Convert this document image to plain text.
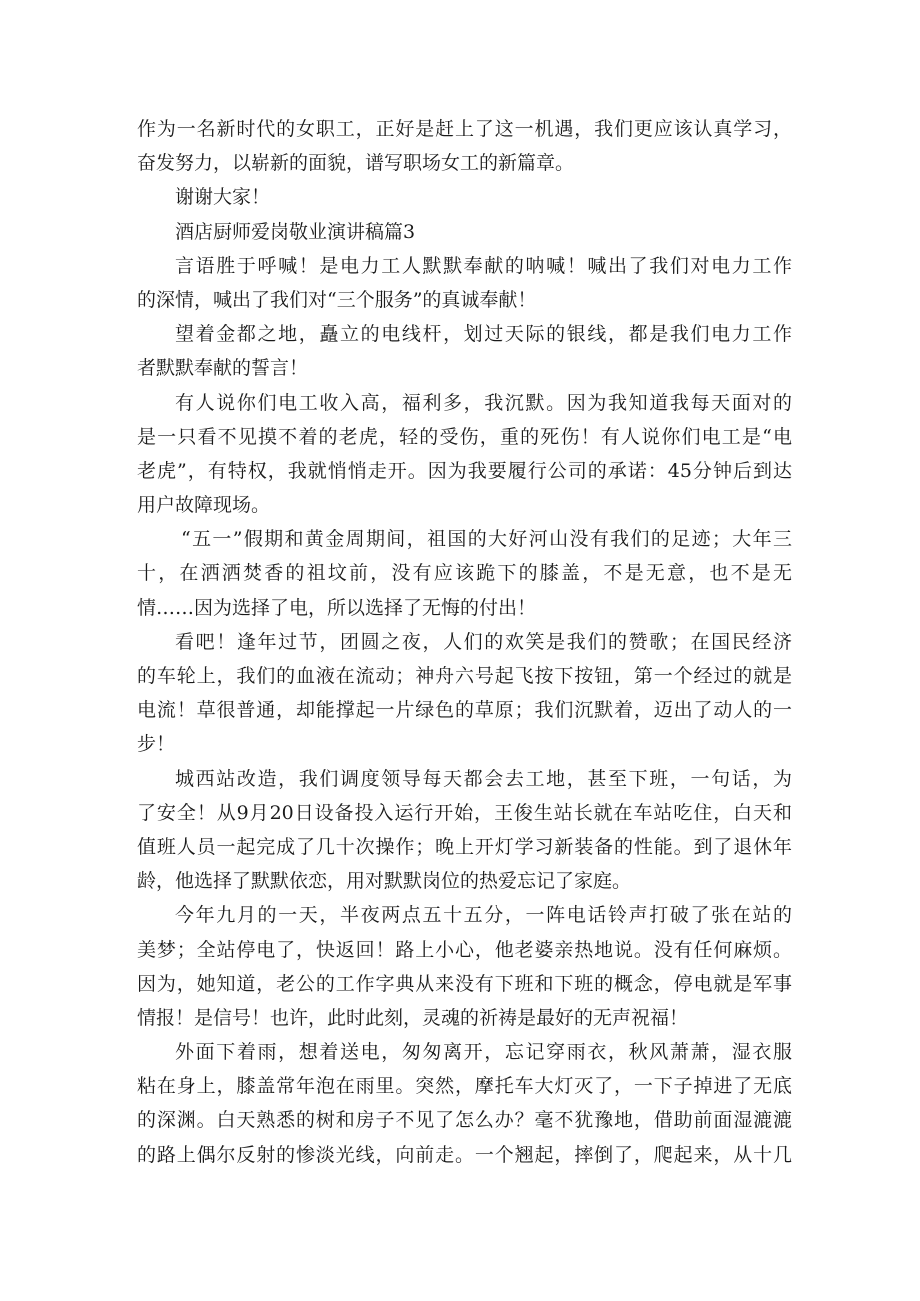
作为一名新时代的女职工，正好是赶上了这一机遇，我们更应该认真学习，
奋发努力，以崭新的面貌，谱写职场女工的新篇章。
谢谢大家！
酒店厨师爱岗敬业演讲稿篇3
言语胜于呼喊！是电力工人默默奉献的呐喊！喊出了我们对电力工作
的深情，喊出了我们对“三个服务”的真诚奉献！
望着金都之地，矗立的电线杆，划过天际的银线，都是我们电力工作
者默默奉献的誓言！
有人说你们电工收入高，福利多，我沉默。因为我知道我每天面对的
是一只看不见摸不着的老虎，轻的受伤，重的死伤！有人说你们电工是“电
老虎”，有特权，我就悄悄走开。因为我要履行公司的承诺：45分钟后到达
用户故障现场。
“五一”假期和黄金周期间，祖国的大好河山没有我们的足迹；大年三
十，在洒洒焚香的祖坟前，没有应该跪下的膝盖，不是无意，也不是无
情……因为选择了电，所以选择了无悔的付出！
看吧！逢年过节，团圆之夜，人们的欢笑是我们的赞歌；在国民经济
的车轮上，我们的血液在流动；神舟六号起飞按下按钮，第一个经过的就是
电流！草很普通，却能撑起一片绿色的草原；我们沉默着，迈出了动人的一
步！
城西站改造，我们调度领导每天都会去工地，甚至下班，一句话，为
了安全！从9月20日设备投入运行开始，王俊生站长就在车站吃住，白天和
值班人员一起完成了几十次操作；晚上开灯学习新装备的性能。到了退休年
龄，他选择了默默依恋，用对默默岗位的热爱忘记了家庭。
今年九月的一天，半夜两点五十五分，一阵电话铃声打破了张在站的
美梦；全站停电了，快返回！路上小心，他老婆亲热地说。没有任何麻烦。
因为，她知道，老公的工作字典从来没有下班和下班的概念，停电就是军事
情报！是信号！也许，此时此刻，灵魂的祈祷是最好的无声祝福！
外面下着雨，想着送电，匆匆离开，忘记穿雨衣，秋风萧萧，湿衣服
粘在身上，膝盖常年泡在雨里。突然，摩托车大灯灭了，一下子掉进了无底
的深渊。白天熟悉的树和房子不见了怎么办？毫不犹豫地，借助前面湿漉漉
的路上偶尔反射的惨淡光线，向前走。一个翘起，摔倒了，爬起来，从十几
